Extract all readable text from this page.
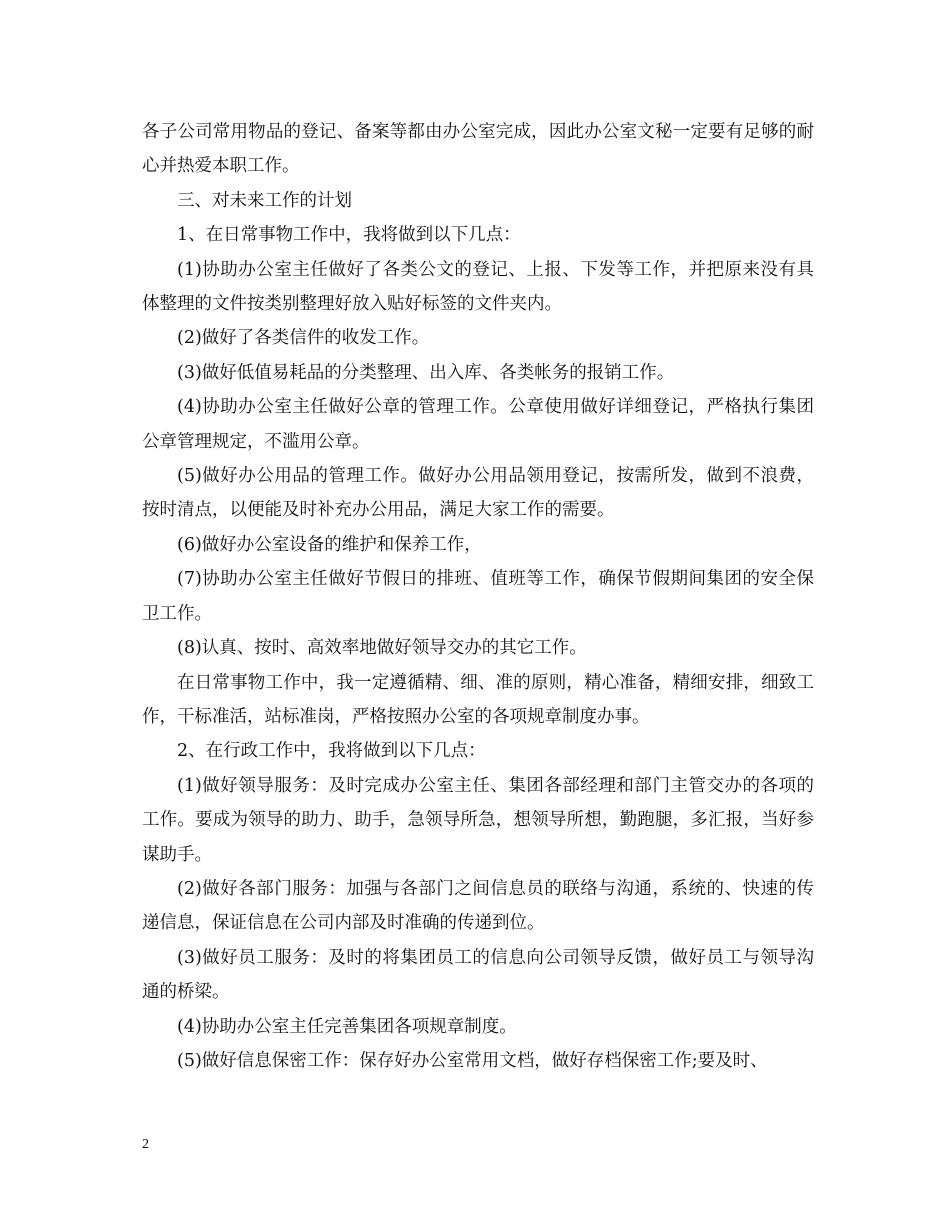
各子公司常用物品的登记、备案等都由办公室完成，因此办公室文秘一定要有足够的耐心并热爱本职工作。

三、对未来工作的计划

1、在日常事物工作中，我将做到以下几点：

(1)协助办公室主任做好了各类公文的登记、上报、下发等工作，并把原来没有具体整理的文件按类别整理好放入贴好标签的文件夹内。

(2)做好了各类信件的收发工作。

(3)做好低值易耗品的分类整理、出入库、各类帐务的报销工作。

(4)协助办公室主任做好公章的管理工作。公章使用做好详细登记，严格执行集团公章管理规定，不滥用公章。

(5)做好办公用品的管理工作。做好办公用品领用登记，按需所发，做到不浪费，按时清点，以便能及时补充办公用品，满足大家工作的需要。

(6)做好办公室设备的维护和保养工作，

(7)协助办公室主任做好节假日的排班、值班等工作，确保节假期间集团的安全保卫工作。

(8)认真、按时、高效率地做好领导交办的其它工作。

在日常事物工作中，我一定遵循精、细、准的原则，精心准备，精细安排，细致工作，干标准活，站标准岗，严格按照办公室的各项规章制度办事。

2、在行政工作中，我将做到以下几点：

(1)做好领导服务：及时完成办公室主任、集团各部经理和部门主管交办的各项的工作。要成为领导的助力、助手，急领导所急，想领导所想，勤跑腿，多汇报，当好参谋助手。

(2)做好各部门服务：加强与各部门之间信息员的联络与沟通，系统的、快速的传递信息，保证信息在公司内部及时准确的传递到位。

(3)做好员工服务：及时的将集团员工的信息向公司领导反馈，做好员工与领导沟通的桥梁。

(4)协助办公室主任完善集团各项规章制度。

(5)做好信息保密工作：保存好办公室常用文档，做好存档保密工作;要及时、

2
